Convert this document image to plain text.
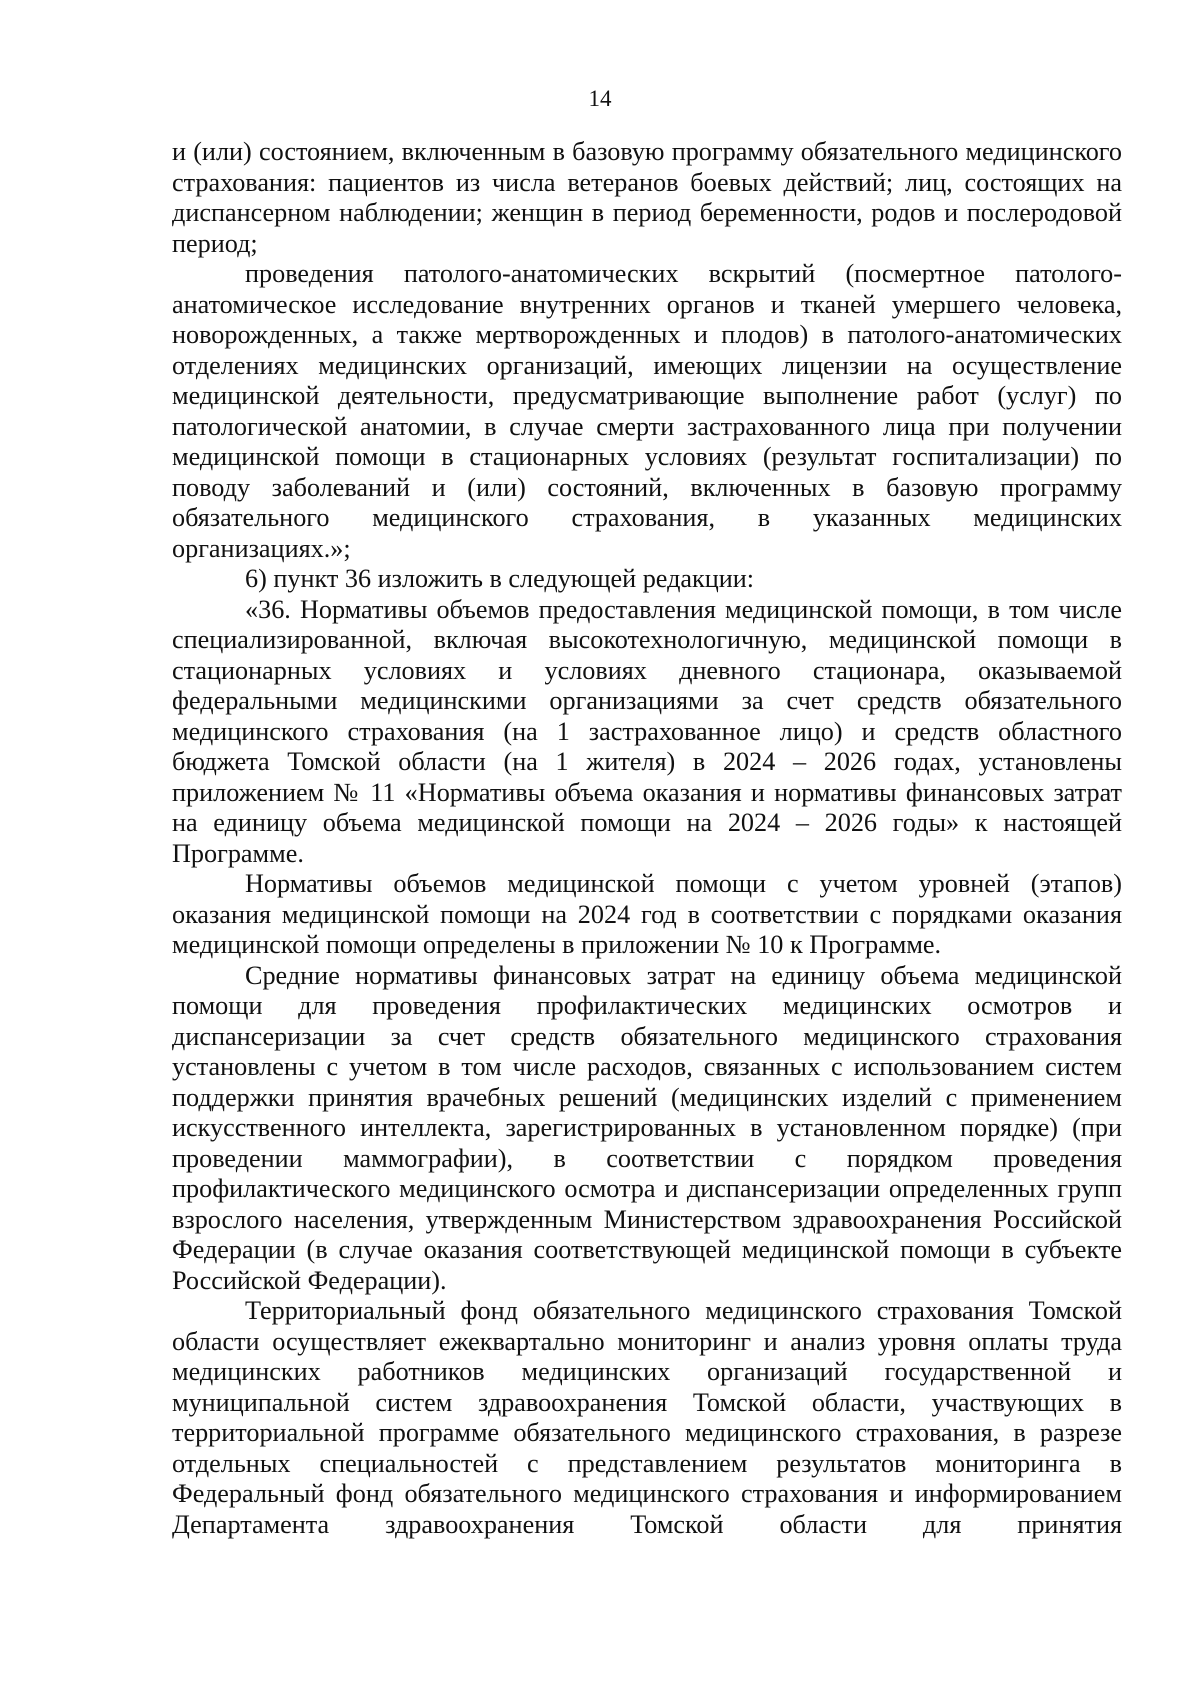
14

и (или) состоянием, включенным в базовую программу обязательного медицинского страхования: пациентов из числа ветеранов боевых действий; лиц, состоящих на диспансерном наблюдении; женщин в период беременности, родов и послеродовой период;

проведения патолого-анатомических вскрытий (посмертное патолого-анатомическое исследование внутренних органов и тканей умершего человека, новорожденных, а также мертворожденных и плодов) в патолого-анатомических отделениях медицинских организаций, имеющих лицензии на осуществление медицинской деятельности, предусматривающие выполнение работ (услуг) по патологической анатомии, в случае смерти застрахованного лица при получении медицинской помощи в стационарных условиях (результат госпитализации) по поводу заболеваний и (или) состояний, включенных в базовую программу обязательного медицинского страхования, в указанных медицинских организациях.»;

6) пункт 36 изложить в следующей редакции:

«36. Нормативы объемов предоставления медицинской помощи, в том числе специализированной, включая высокотехнологичную, медицинской помощи в стационарных условиях и условиях дневного стационара, оказываемой федеральными медицинскими организациями за счет средств обязательного медицинского страхования (на 1 застрахованное лицо) и средств областного бюджета Томской области (на 1 жителя) в 2024 – 2026 годах, установлены приложением № 11 «Нормативы объема оказания и нормативы финансовых затрат на единицу объема медицинской помощи на 2024 – 2026 годы» к настоящей Программе.

Нормативы объемов медицинской помощи с учетом уровней (этапов) оказания медицинской помощи на 2024 год в соответствии с порядками оказания медицинской помощи определены в приложении № 10 к Программе.

Средние нормативы финансовых затрат на единицу объема медицинской помощи для проведения профилактических медицинских осмотров и диспансеризации за счет средств обязательного медицинского страхования установлены с учетом в том числе расходов, связанных с использованием систем поддержки принятия врачебных решений (медицинских изделий с применением искусственного интеллекта, зарегистрированных в установленном порядке) (при проведении маммографии), в соответствии с порядком проведения профилактического медицинского осмотра и диспансеризации определенных групп взрослого населения, утвержденным Министерством здравоохранения Российской Федерации (в случае оказания соответствующей медицинской помощи в субъекте Российской Федерации).

Территориальный фонд обязательного медицинского страхования Томской области осуществляет ежеквартально мониторинг и анализ уровня оплаты труда медицинских работников медицинских организаций государственной и муниципальной систем здравоохранения Томской области, участвующих в территориальной программе обязательного медицинского страхования, в разрезе отдельных специальностей с представлением результатов мониторинга в Федеральный фонд обязательного медицинского страхования и информированием Департамента здравоохранения Томской области для принятия
